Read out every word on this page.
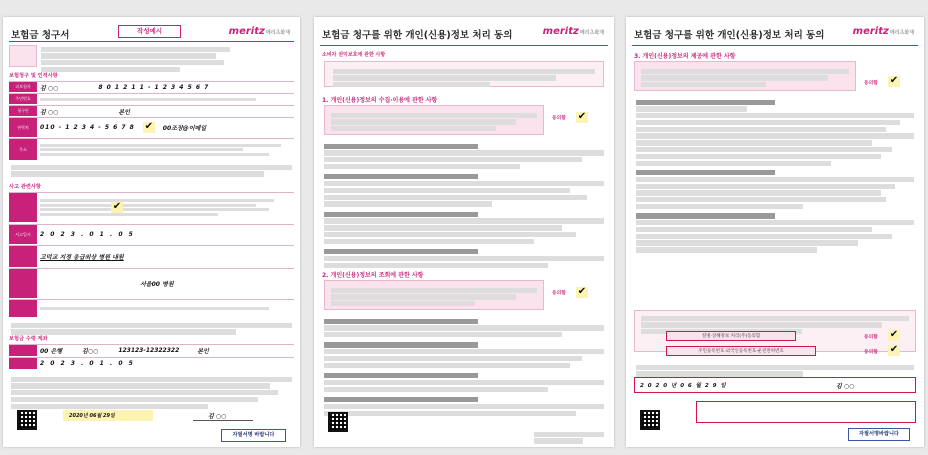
보험금 청구서	작성예시	meritz메리츠화재
보험청구 및 인적사항
피보험자	김 ○○	8 0 1 2 1 1 - 1 2 3 4 5 6 7
주민번호
청구인	김 ○○	본인
연락처	010 - 1 2 3 4 - 5 6 7 8 ✔	00조장@이메일
주소
사고 관련사항
✔
사고일시	2 0 2 3 . 0 1 . 0 5
고덕교 지정 응급외상 병원 내원
서울00 병원
보험금 수령 계좌
00 은행	김○○	123123-12322322	본인
2 0 2 3 . 0 1 . 0 5
2020년 06월 29일	김 ○○
자필서명 바랍니다
보험금 청구를 위한 개인(신용)정보 처리 동의	meritz메리츠화재
소비자 권익보호에 관한 사항
1. 개인(신용)정보의 수집·이용에 관한 사항
동의함 ✔
2. 개인(신용)정보의 조회에 관한 사항
동의함 ✔
보험금 청구를 위한 개인(신용)정보 처리 동의	meritz메리츠화재
3. 개인(신용)정보의 제공에 관한 사항
동의함 ✔
질병·상해정보 처리(주)동의함	동의함 ✔
주민등록번호·외국인등록번호·운전면허번호	동의함 ✔
2 0 2 0 년 0 6 월 2 9 일	김 ○○
자필서명바랍니다
